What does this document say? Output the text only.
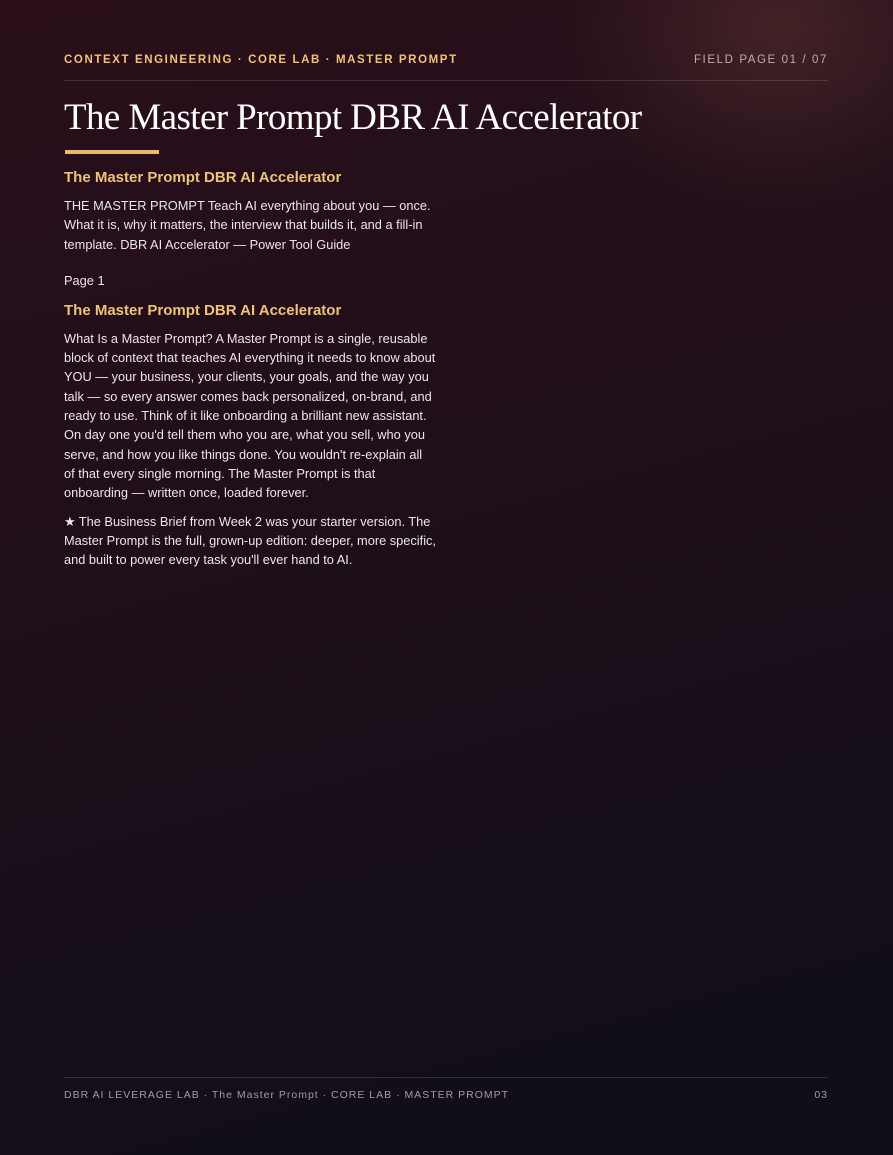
CONTEXT ENGINEERING · CORE LAB · MASTER PROMPT	FIELD PAGE 01 / 07
The Master Prompt DBR AI Accelerator
The Master Prompt DBR AI Accelerator

THE MASTER PROMPT Teach AI everything about you — once. What it is, why it matters, the interview that builds it, and a fill-in template. DBR AI Accelerator — Power Tool Guide

Page 1

The Master Prompt DBR AI Accelerator

What Is a Master Prompt? A Master Prompt is a single, reusable block of context that teaches AI everything it needs to know about YOU — your business, your clients, your goals, and the way you talk — so every answer comes back personalized, on-brand, and ready to use. Think of it like onboarding a brilliant new assistant. On day one you'd tell them who you are, what you sell, who you serve, and how you like things done. You wouldn't re-explain all of that every single morning. The Master Prompt is that onboarding — written once, loaded forever.

★ The Business Brief from Week 2 was your starter version. The Master Prompt is the full, grown-up edition: deeper, more specific, and built to power every task you'll ever hand to AI.

DBR AI LEVERAGE LAB · The Master Prompt · CORE LAB · MASTER PROMPT	03
